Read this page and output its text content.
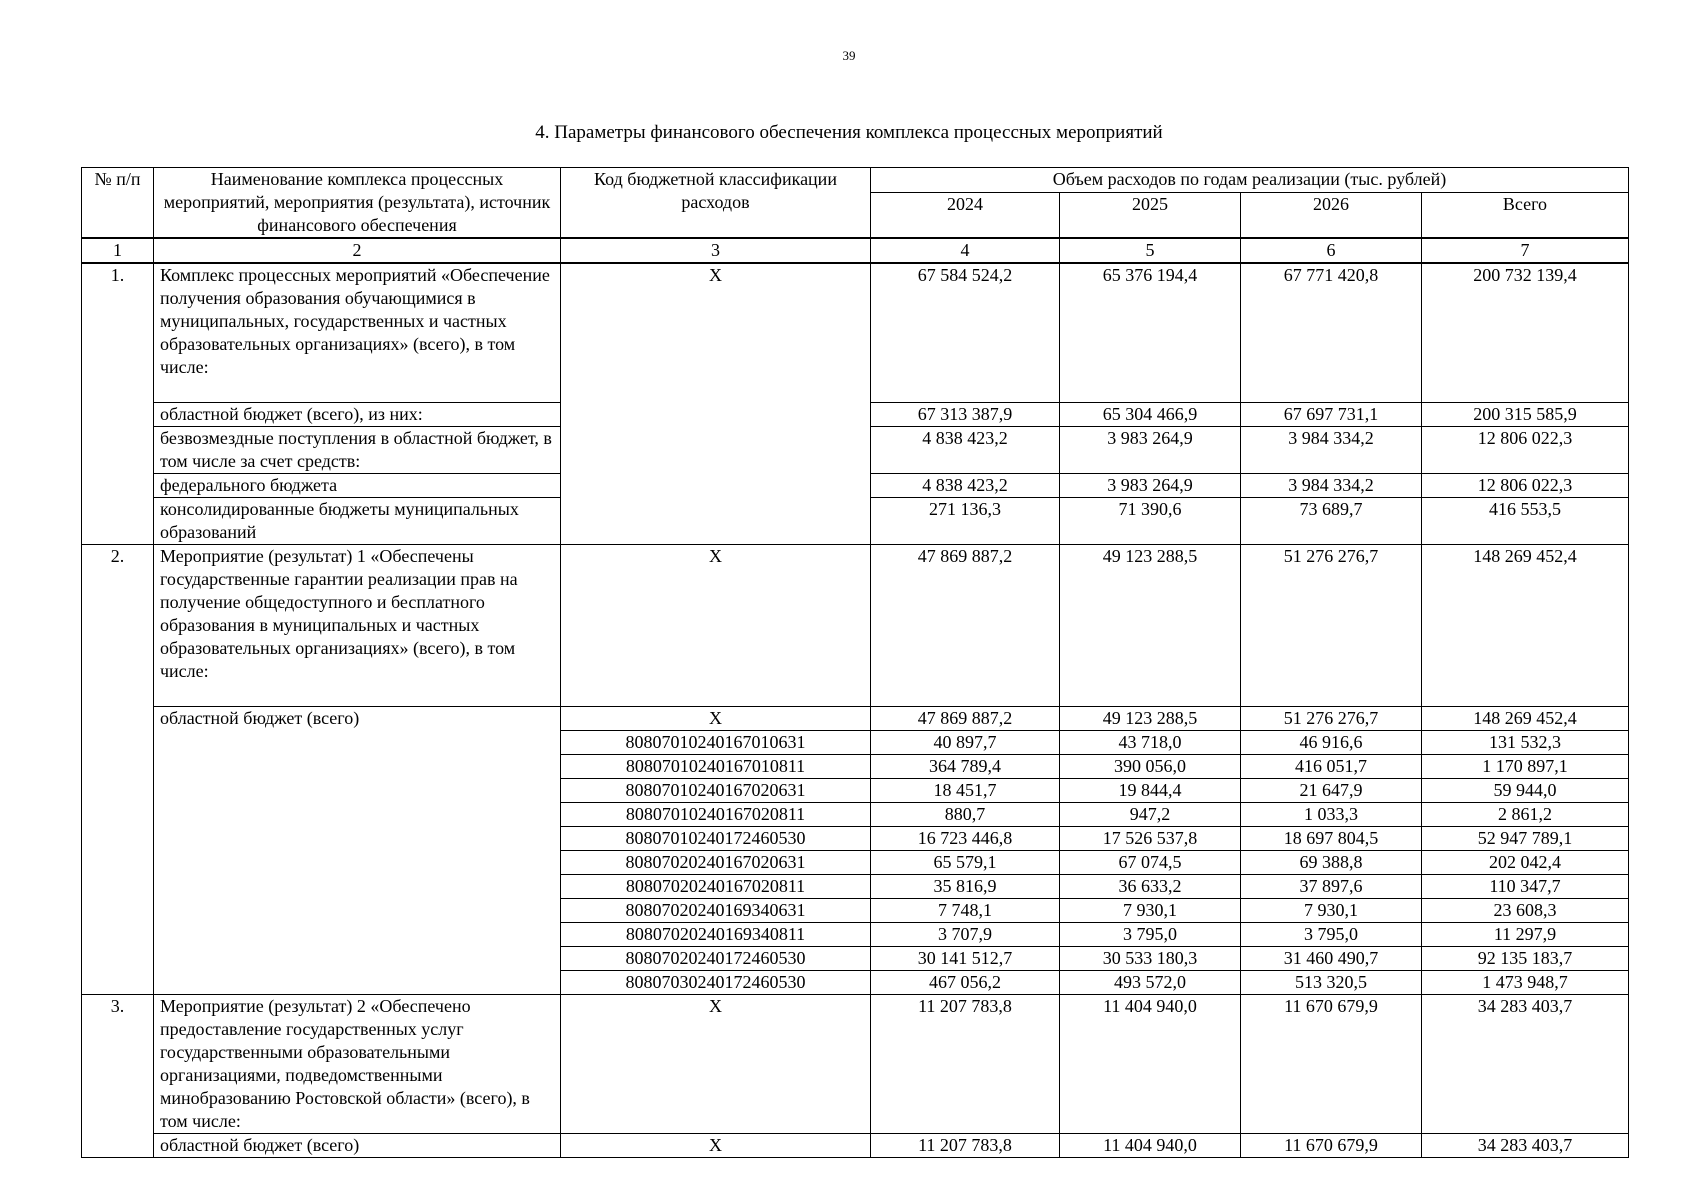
39
4. Параметры финансового обеспечения комплекса процессных мероприятий
№ п/п	Наименование комплекса процессных мероприятий, мероприятия (результата), источник финансового обеспечения	Код бюджетной классификации расходов	Объем расходов по годам реализации (тыс. рублей)			
			2024	2025	2026	Всего
1	2	3	4	5	6	7
1.	Комплекс процессных мероприятий «Обеспечение получения образования обучающимися в муниципальных, государственных и частных образовательных организациях» (всего), в том числе:	Х	67 584 524,2	65 376 194,4	67 771 420,8	200 732 139,4
	областной бюджет (всего), из них:		67 313 387,9	65 304 466,9	67 697 731,1	200 315 585,9
	безвозмездные поступления в областной бюджет, в том числе за счет средств:		4 838 423,2	3 983 264,9	3 984 334,2	12 806 022,3
	федерального бюджета		4 838 423,2	3 983 264,9	3 984 334,2	12 806 022,3
	консолидированные бюджеты муниципальных образований		271 136,3	71 390,6	73 689,7	416 553,5
2.	Мероприятие (результат) 1 «Обеспечены государственные гарантии реализации прав на получение общедоступного и бесплатного образования в муниципальных и частных образовательных организациях» (всего), в том числе:	Х	47 869 887,2	49 123 288,5	51 276 276,7	148 269 452,4
	областной бюджет (всего)	Х	47 869 887,2	49 123 288,5	51 276 276,7	148 269 452,4
		80807010240167010631	40 897,7	43 718,0	46 916,6	131 532,3
		80807010240167010811	364 789,4	390 056,0	416 051,7	1 170 897,1
		80807010240167020631	18 451,7	19 844,4	21 647,9	59 944,0
		80807010240167020811	880,7	947,2	1 033,3	2 861,2
		80807010240172460530	16 723 446,8	17 526 537,8	18 697 804,5	52 947 789,1
		80807020240167020631	65 579,1	67 074,5	69 388,8	202 042,4
		80807020240167020811	35 816,9	36 633,2	37 897,6	110 347,7
		80807020240169340631	7 748,1	7 930,1	7 930,1	23 608,3
		80807020240169340811	3 707,9	3 795,0	3 795,0	11 297,9
		80807020240172460530	30 141 512,7	30 533 180,3	31 460 490,7	92 135 183,7
		80807030240172460530	467 056,2	493 572,0	513 320,5	1 473 948,7
3.	Мероприятие (результат) 2 «Обеспечено предоставление государственных услуг государственными образовательными организациями, подведомственными минобразованию Ростовской области» (всего), в том числе:	Х	11 207 783,8	11 404 940,0	11 670 679,9	34 283 403,7
	областной бюджет (всего)	Х	11 207 783,8	11 404 940,0	11 670 679,9	34 283 403,7
